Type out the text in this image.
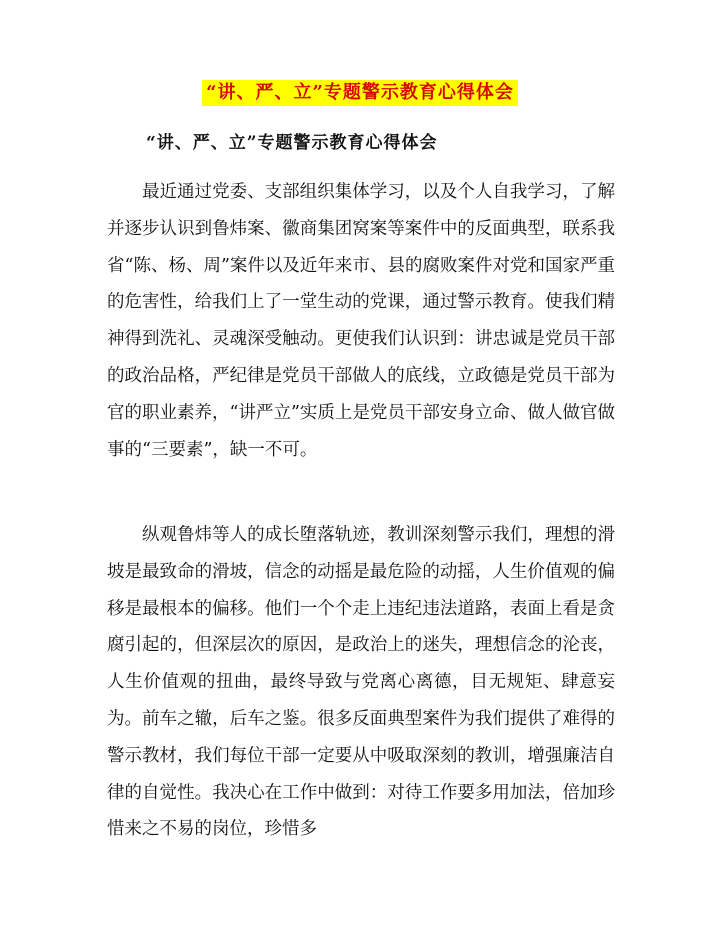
“讲、严、立”专题警示教育心得体会
“讲、严、立”专题警示教育心得体会

最近通过党委、支部组织集体学习，以及个人自我学习，了解并逐步认识到鲁炜案、徽商集团窝案等案件中的反面典型，联系我省“陈、杨、周”案件以及近年来市、县的腐败案件对党和国家严重的危害性，给我们上了一堂生动的党课，通过警示教育。使我们精神得到洗礼、灵魂深受触动。更使我们认识到：讲忠诚是党员干部的政治品格，严纪律是党员干部做人的底线，立政德是党员干部为官的职业素养，“讲严立”实质上是党员干部安身立命、做人做官做事的“三要素”，缺一不可。

纵观鲁炜等人的成长堕落轨迹，教训深刻警示我们，理想的滑坡是最致命的滑坡，信念的动摇是最危险的动摇，人生价值观的偏移是最根本的偏移。他们一个个走上违纪违法道路，表面上看是贪腐引起的，但深层次的原因，是政治上的迷失，理想信念的沦丧，人生价值观的扭曲，最终导致与党离心离德，目无规矩、肆意妄为。前车之辙，后车之鉴。很多反面典型案件为我们提供了难得的警示教材，我们每位干部一定要从中吸取深刻的教训，增强廉洁自律的自觉性。我决心在工作中做到：对待工作要多用加法，倍加珍惜来之不易的岗位，珍惜多
